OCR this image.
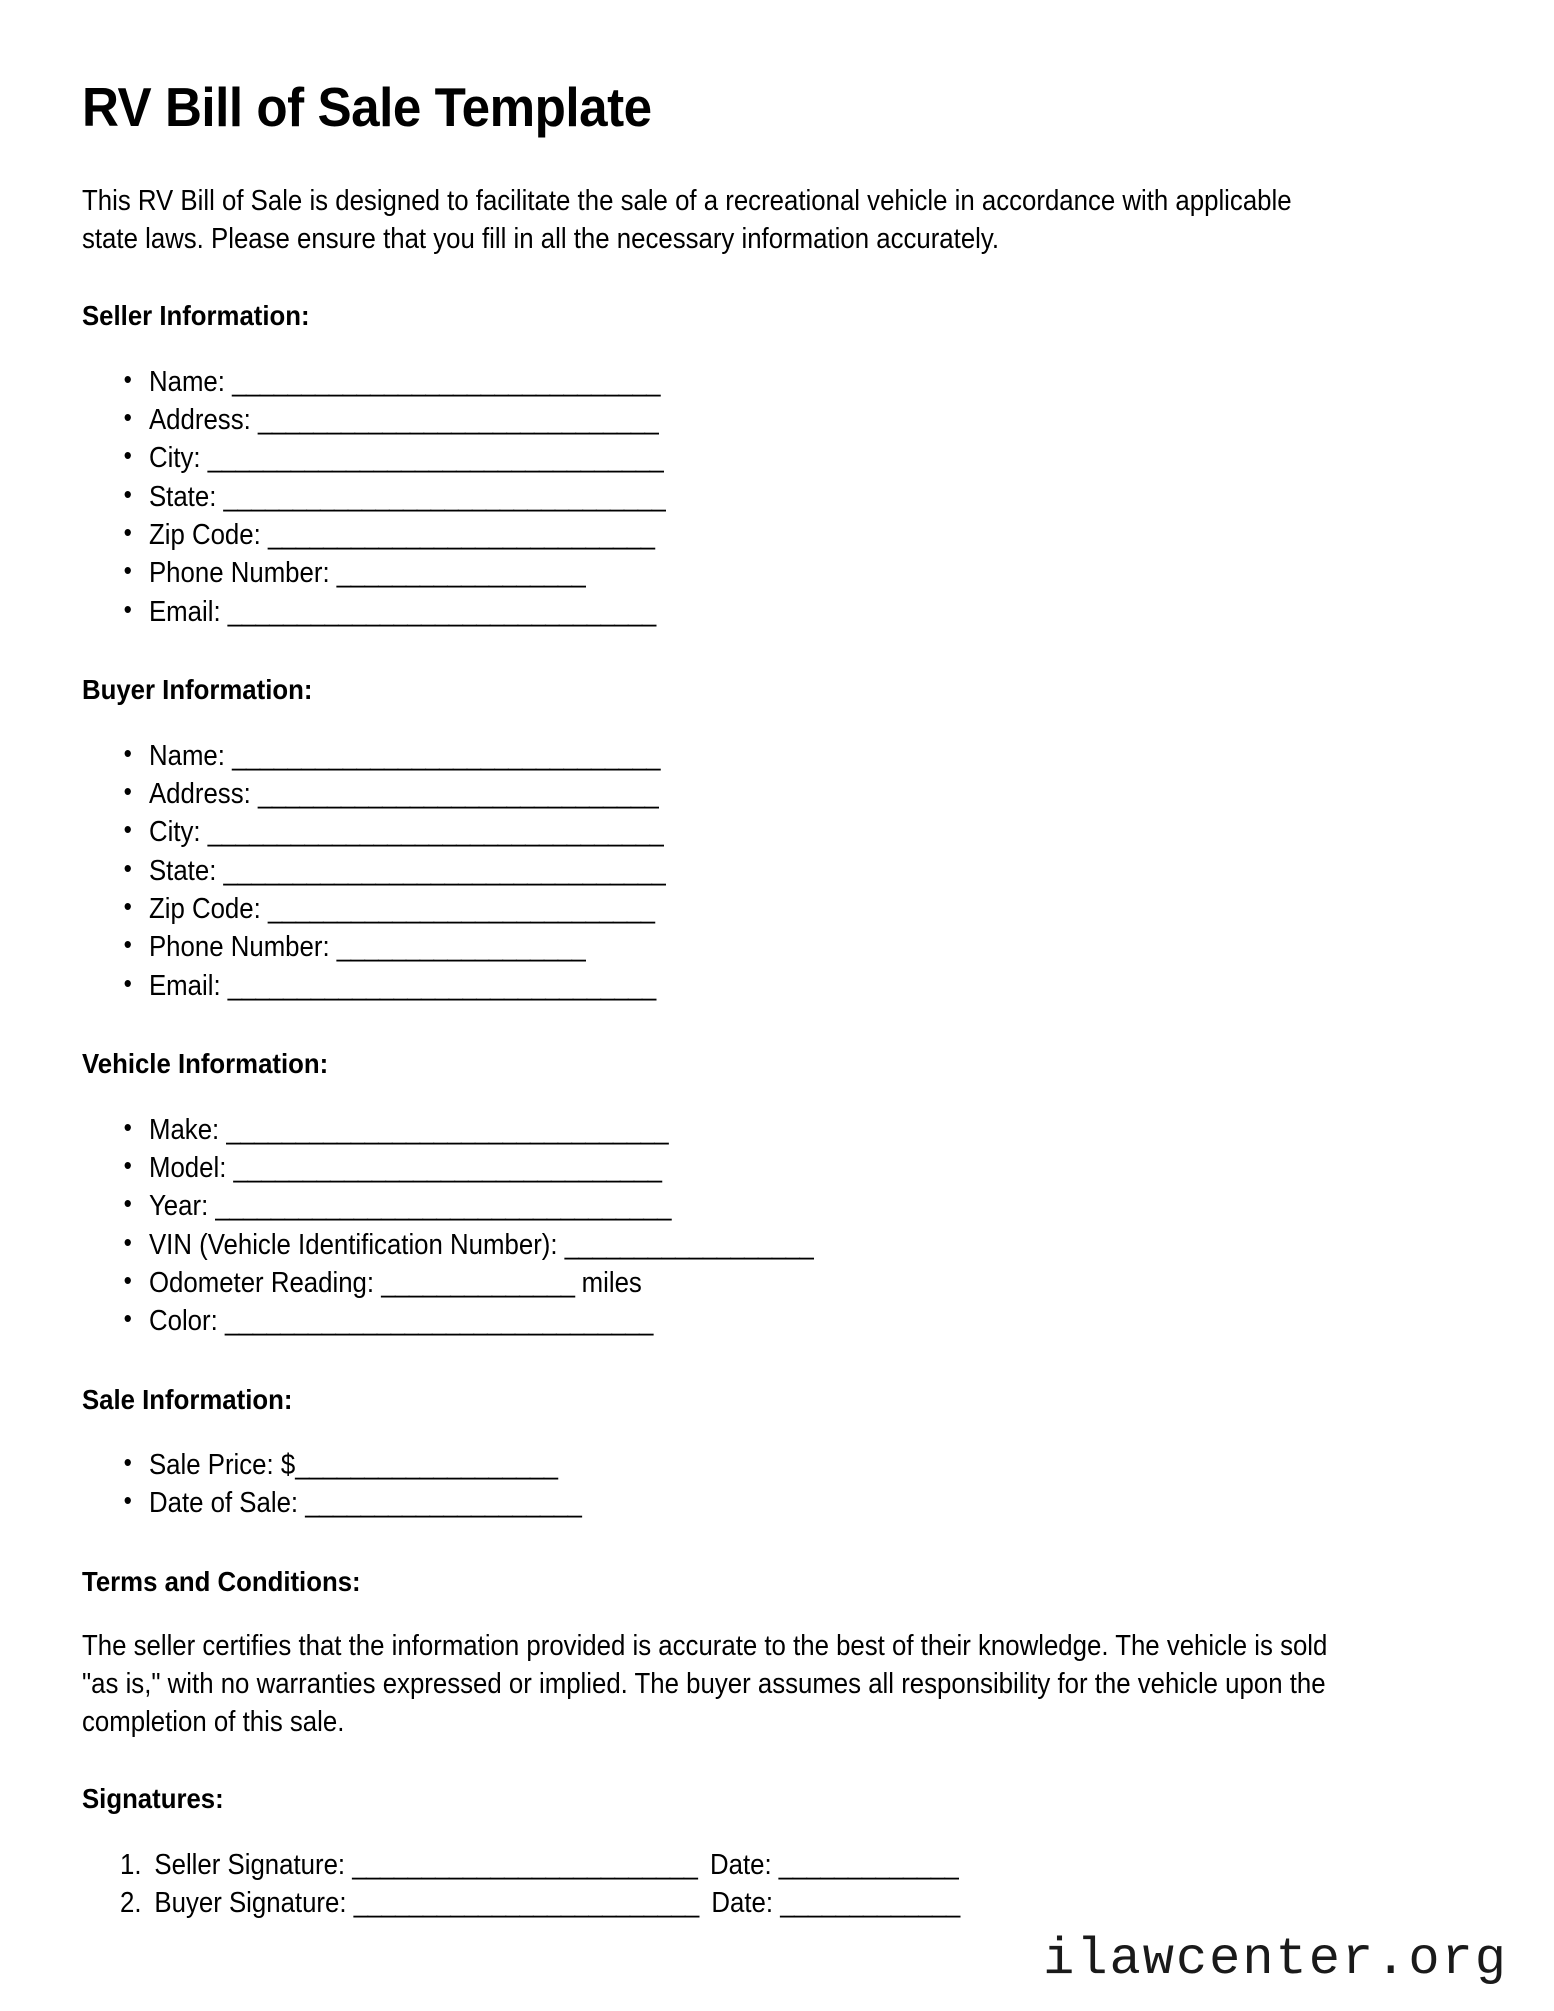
RV Bill of Sale Template

This RV Bill of Sale is designed to facilitate the sale of a recreational vehicle in accordance with applicable state laws. Please ensure that you fill in all the necessary information accurately.

Seller Information:
• Name: _______________________________
• Address: _____________________________
• City: _________________________________
• State: ________________________________
• Zip Code: ____________________________
• Phone Number: __________________
• Email: _______________________________
Buyer Information:
• Name: _______________________________
• Address: _____________________________
• City: _________________________________
• State: ________________________________
• Zip Code: ____________________________
• Phone Number: __________________
• Email: _______________________________
Vehicle Information:
• Make: ________________________________
• Model: _______________________________
• Year: _________________________________
• VIN (Vehicle Identification Number): __________________
• Odometer Reading: ______________ miles
• Color: _______________________________
Sale Information:
• Sale Price: $___________________
• Date of Sale: ____________________
Terms and Conditions:

The seller certifies that the information provided is accurate to the best of their knowledge. The vehicle is sold "as is," with no warranties expressed or implied. The buyer assumes all responsibility for the vehicle upon the completion of this sale.

Signatures:
Seller Signature: _________________________ Date: _____________
Buyer Signature: _________________________ Date: _____________
ilawcenter.org
